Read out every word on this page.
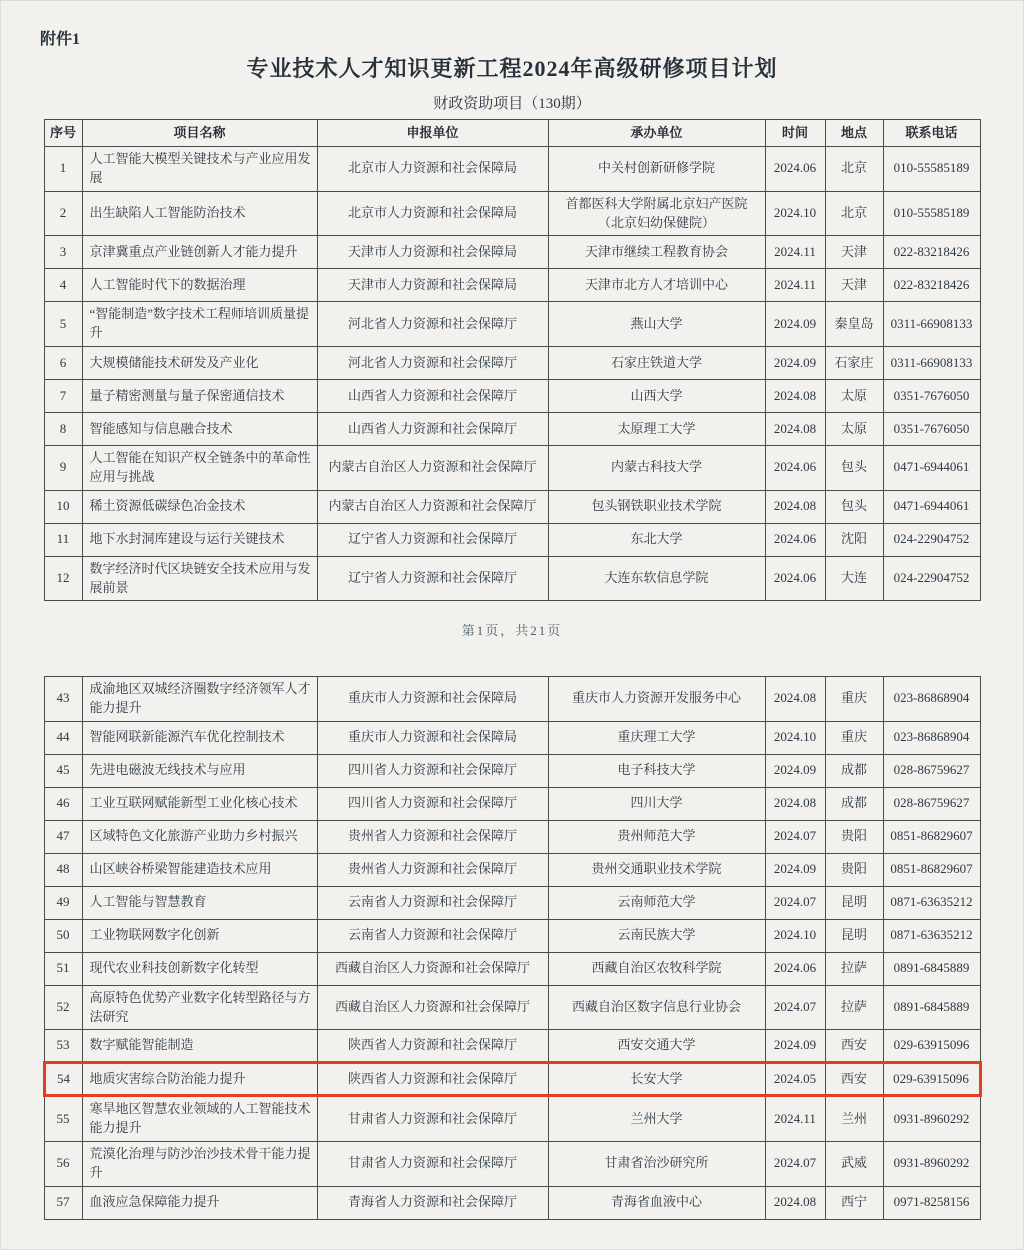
附件1
专业技术人才知识更新工程2024年高级研修项目计划
财政资助项目（130期）
序号	项目名称	申报单位	承办单位	时间	地点	联系电话
1	人工智能大模型关键技术与产业应用发展	北京市人力资源和社会保障局	中关村创新研修学院	2024.06	北京	010-55585189
2	出生缺陷人工智能防治技术	北京市人力资源和社会保障局	首都医科大学附属北京妇产医院（北京妇幼保健院）	2024.10	北京	010-55585189
3	京津冀重点产业链创新人才能力提升	天津市人力资源和社会保障局	天津市继续工程教育协会	2024.11	天津	022-83218426
4	人工智能时代下的数据治理	天津市人力资源和社会保障局	天津市北方人才培训中心	2024.11	天津	022-83218426
5	“智能制造”数字技术工程师培训质量提升	河北省人力资源和社会保障厅	燕山大学	2024.09	秦皇岛	0311-66908133
6	大规模储能技术研发及产业化	河北省人力资源和社会保障厅	石家庄铁道大学	2024.09	石家庄	0311-66908133
7	量子精密测量与量子保密通信技术	山西省人力资源和社会保障厅	山西大学	2024.08	太原	0351-7676050
8	智能感知与信息融合技术	山西省人力资源和社会保障厅	太原理工大学	2024.08	太原	0351-7676050
9	人工智能在知识产权全链条中的革命性应用与挑战	内蒙古自治区人力资源和社会保障厅	内蒙古科技大学	2024.06	包头	0471-6944061
10	稀土资源低碳绿色冶金技术	内蒙古自治区人力资源和社会保障厅	包头钢铁职业技术学院	2024.08	包头	0471-6944061
11	地下水封洞库建设与运行关键技术	辽宁省人力资源和社会保障厅	东北大学	2024.06	沈阳	024-22904752
12	数字经济时代区块链安全技术应用与发展前景	辽宁省人力资源和社会保障厅	大连东软信息学院	2024.06	大连	024-22904752
第1页，共21页
43	成渝地区双城经济圈数字经济领军人才能力提升	重庆市人力资源和社会保障局	重庆市人力资源开发服务中心	2024.08	重庆	023-86868904
44	智能网联新能源汽车优化控制技术	重庆市人力资源和社会保障局	重庆理工大学	2024.10	重庆	023-86868904
45	先进电磁波无线技术与应用	四川省人力资源和社会保障厅	电子科技大学	2024.09	成都	028-86759627
46	工业互联网赋能新型工业化核心技术	四川省人力资源和社会保障厅	四川大学	2024.08	成都	028-86759627
47	区域特色文化旅游产业助力乡村振兴	贵州省人力资源和社会保障厅	贵州师范大学	2024.07	贵阳	0851-86829607
48	山区峡谷桥梁智能建造技术应用	贵州省人力资源和社会保障厅	贵州交通职业技术学院	2024.09	贵阳	0851-86829607
49	人工智能与智慧教育	云南省人力资源和社会保障厅	云南师范大学	2024.07	昆明	0871-63635212
50	工业物联网数字化创新	云南省人力资源和社会保障厅	云南民族大学	2024.10	昆明	0871-63635212
51	现代农业科技创新数字化转型	西藏自治区人力资源和社会保障厅	西藏自治区农牧科学院	2024.06	拉萨	0891-6845889
52	高原特色优势产业数字化转型路径与方法研究	西藏自治区人力资源和社会保障厅	西藏自治区数字信息行业协会	2024.07	拉萨	0891-6845889
53	数字赋能智能制造	陕西省人力资源和社会保障厅	西安交通大学	2024.09	西安	029-63915096
54	地质灾害综合防治能力提升	陕西省人力资源和社会保障厅	长安大学	2024.05	西安	029-63915096
55	寒旱地区智慧农业领域的人工智能技术能力提升	甘肃省人力资源和社会保障厅	兰州大学	2024.11	兰州	0931-8960292
56	荒漠化治理与防沙治沙技术骨干能力提升	甘肃省人力资源和社会保障厅	甘肃省治沙研究所	2024.07	武威	0931-8960292
57	血液应急保障能力提升	青海省人力资源和社会保障厅	青海省血液中心	2024.08	西宁	0971-8258156
